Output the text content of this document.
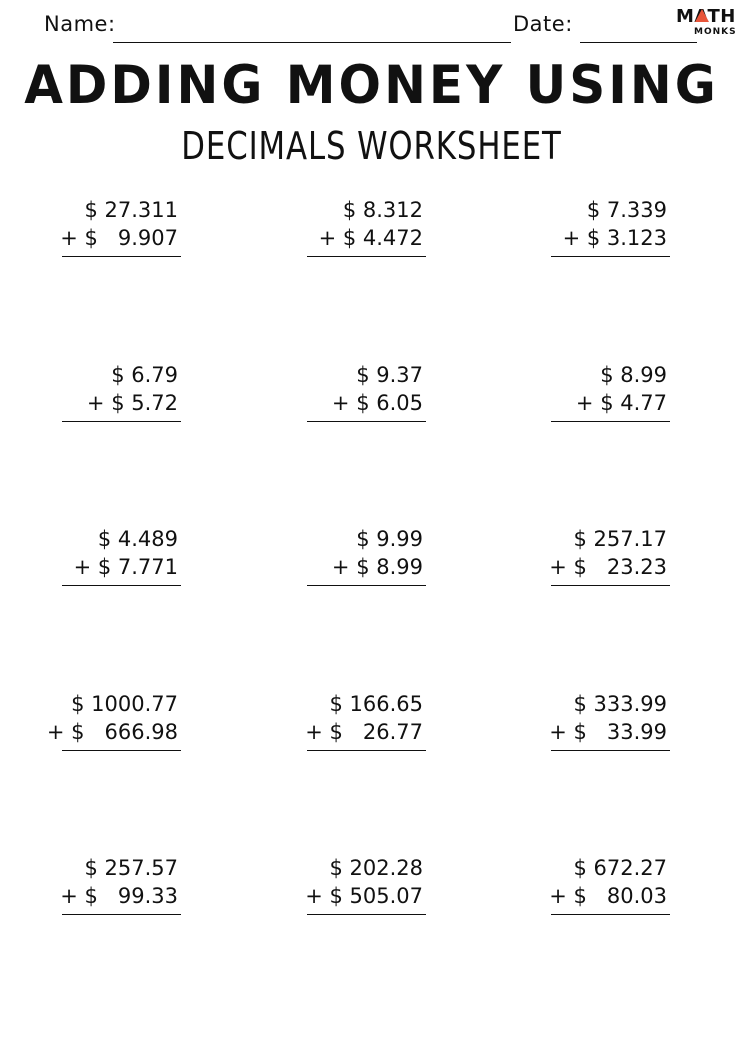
Name:	Date:	MATH
MONKS
ADDING MONEY USING
DECIMALS WORKSHEET
$ 27.311
+ $   9.907
$ 8.312
+ $ 4.472
$ 7.339
+ $ 3.123
$ 6.79
+ $ 5.72
$ 9.37
+ $ 6.05
$ 8.99
+ $ 4.77
$ 4.489
+ $ 7.771
$ 9.99
+ $ 8.99
$ 257.17
+ $   23.23
$ 1000.77
+ $   666.98
$ 166.65
+ $   26.77
$ 333.99
+ $   33.99
$ 257.57
+ $   99.33
$ 202.28
+ $ 505.07
$ 672.27
+ $   80.03
